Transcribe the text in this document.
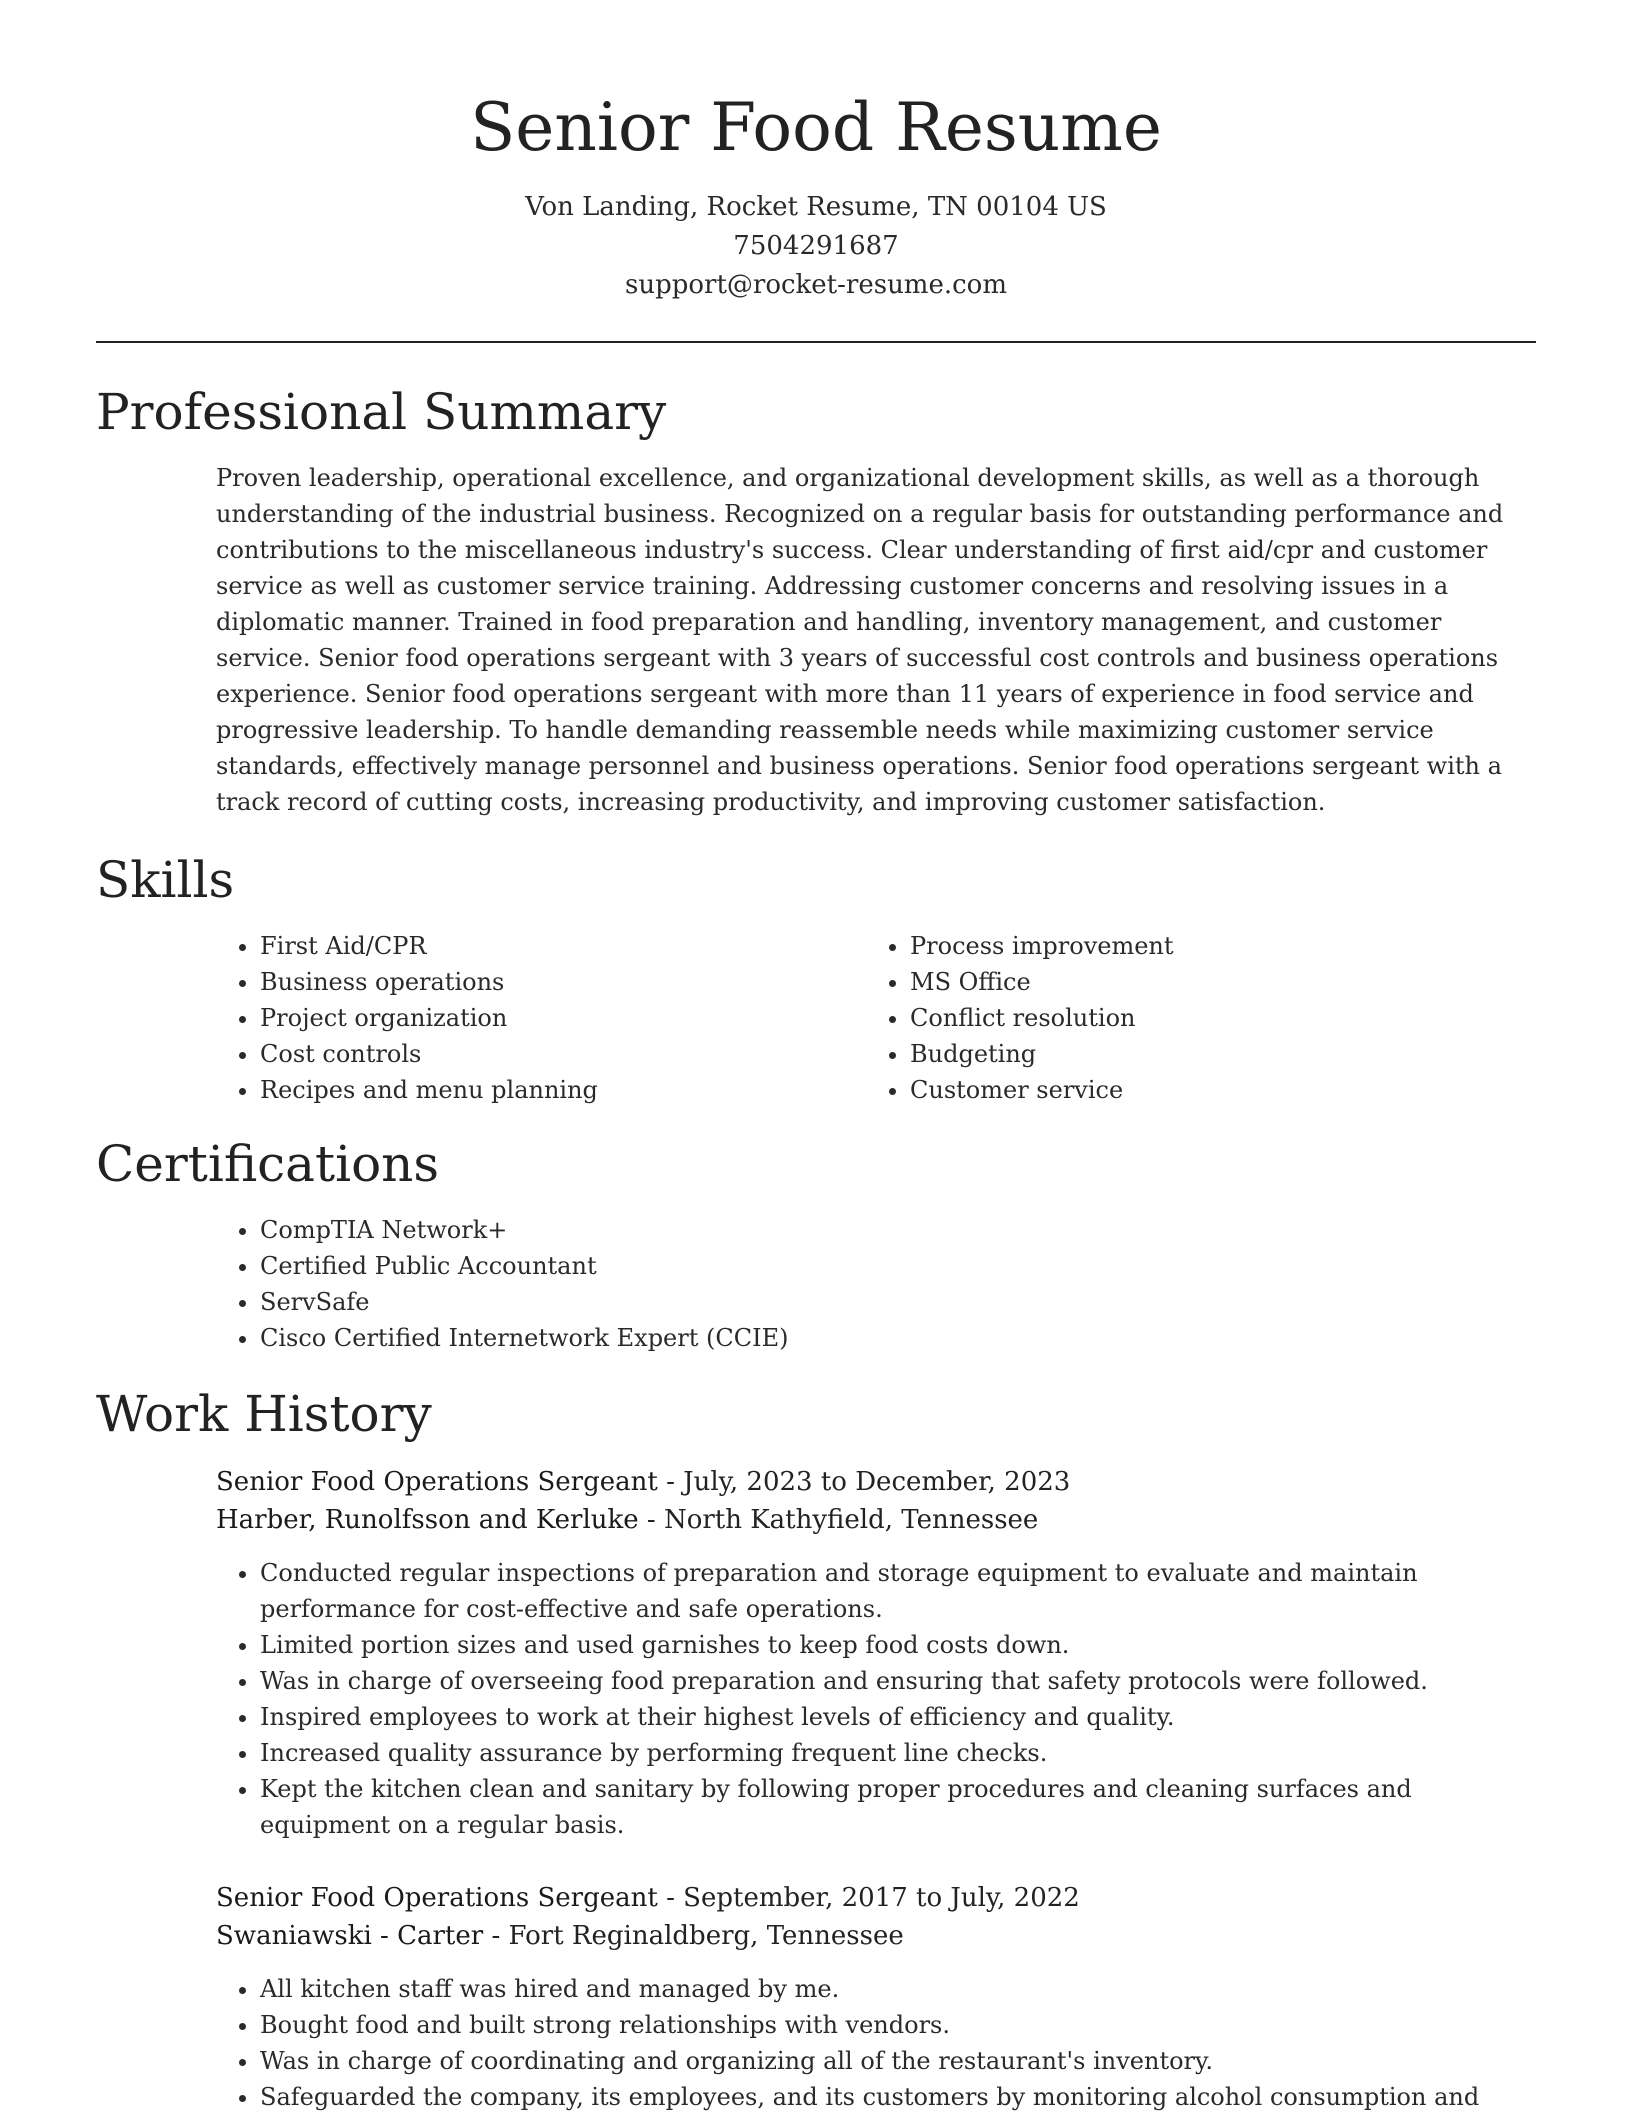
Senior Food Resume
Von Landing, Rocket Resume, TN 00104 US
7504291687
support@rocket-resume.com
Professional Summary

Proven leadership, operational excellence, and organizational development skills, as well as a thorough understanding of the industrial business. Recognized on a regular basis for outstanding performance and contributions to the miscellaneous industry's success. Clear understanding of first aid/cpr and customer service as well as customer service training. Addressing customer concerns and resolving issues in a diplomatic manner. Trained in food preparation and handling, inventory management, and customer service. Senior food operations sergeant with 3 years of successful cost controls and business operations experience. Senior food operations sergeant with more than 11 years of experience in food service and progressive leadership. To handle demanding reassemble needs while maximizing customer service standards, effectively manage personnel and business operations. Senior food operations sergeant with a track record of cutting costs, increasing productivity, and improving customer satisfaction.

Skills
• First Aid/CPR
• Business operations
• Project organization
• Cost controls
• Recipes and menu planning
• Process improvement
• MS Office
• Conflict resolution
• Budgeting
• Customer service
Certifications
• CompTIA Network+
• Certified Public Accountant
• ServSafe
• Cisco Certified Internetwork Expert (CCIE)
Work History

Senior Food Operations Sergeant - July, 2023 to December, 2023

Harber, Runolfsson and Kerluke - North Kathyfield, Tennessee

• Conducted regular inspections of preparation and storage equipment to evaluate and maintain performance for cost-effective and safe operations.
• Limited portion sizes and used garnishes to keep food costs down.
• Was in charge of overseeing food preparation and ensuring that safety protocols were followed.
• Inspired employees to work at their highest levels of efficiency and quality.
• Increased quality assurance by performing frequent line checks.
• Kept the kitchen clean and sanitary by following proper procedures and cleaning surfaces and equipment on a regular basis.

Senior Food Operations Sergeant - September, 2017 to July, 2022

Swaniawski - Carter - Fort Reginaldberg, Tennessee

• All kitchen staff was hired and managed by me.
• Bought food and built strong relationships with vendors.
• Was in charge of coordinating and organizing all of the restaurant's inventory.
• Safeguarded the company, its employees, and its customers by monitoring alcohol consumption and
